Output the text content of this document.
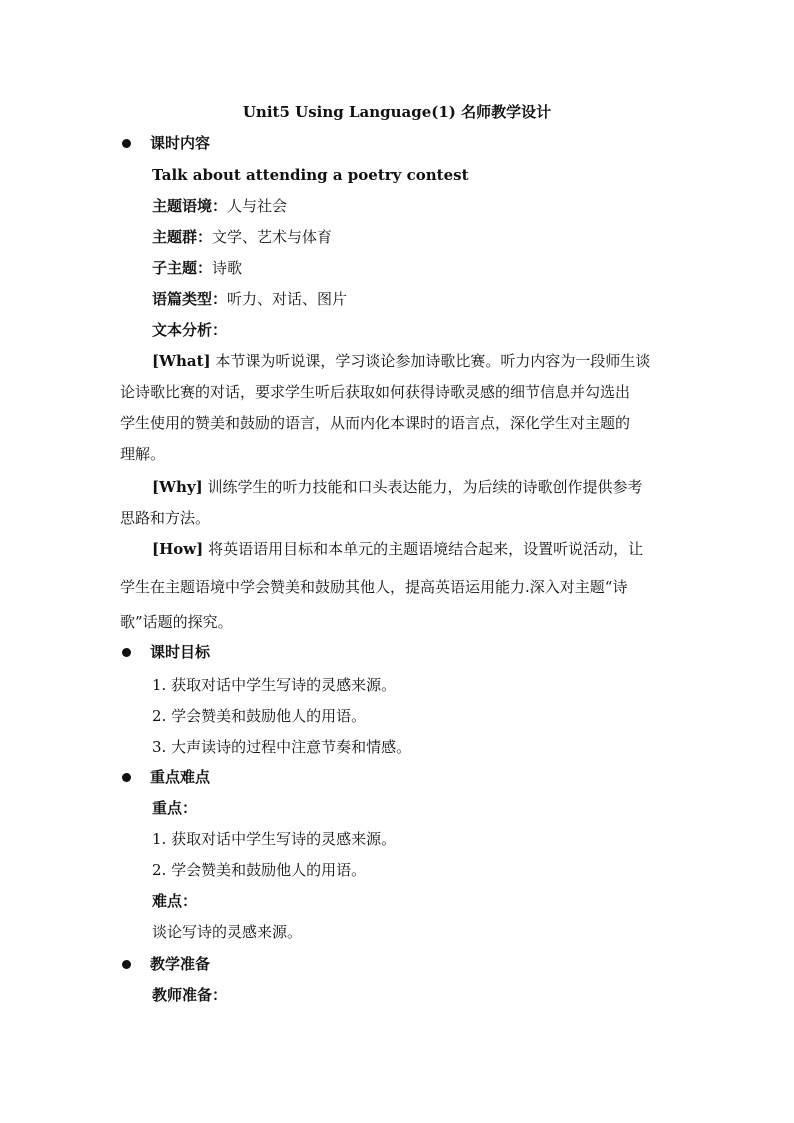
Unit5 Using Language(1) 名师教学设计
课时内容
Talk about attending a poetry contest
主题语境：人与社会
主题群：文学、艺术与体育
子主题：诗歌
语篇类型：听力、对话、图片
文本分析：
[What] 本节课为听说课，学习谈论参加诗歌比赛。听力内容为一段师生谈
论诗歌比赛的对话，要求学生听后获取如何获得诗歌灵感的细节信息并勾选出
学生使用的赞美和鼓励的语言，从而内化本课时的语言点，深化学生对主题的
理解。
[Why] 训练学生的听力技能和口头表达能力，为后续的诗歌创作提供参考
思路和方法。
[How] 将英语语用目标和本单元的主题语境结合起来，设置听说活动，让
学生在主题语境中学会赞美和鼓励其他人，提高英语运用能力.深入对主题“诗
歌”话题的探究。
课时目标
1. 获取对话中学生写诗的灵感来源。
2. 学会赞美和鼓励他人的用语。
3. 大声读诗的过程中注意节奏和情感。
重点难点
重点：
1. 获取对话中学生写诗的灵感来源。
2. 学会赞美和鼓励他人的用语。
难点：
谈论写诗的灵感来源。
教学准备
教师准备：
